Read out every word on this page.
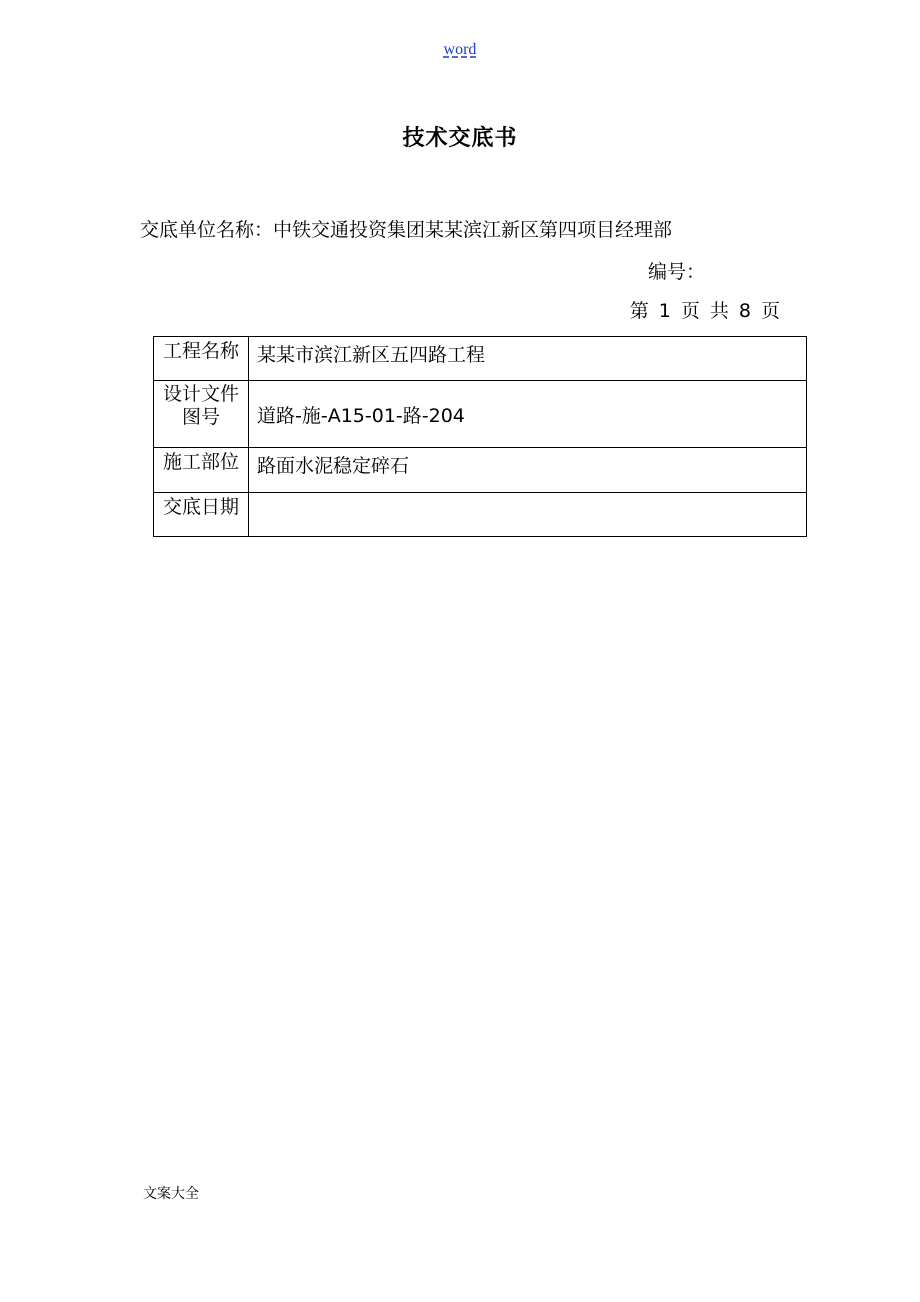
word
技术交底书
交底单位名称：中铁交通投资集团某某滨江新区第四项目经理部
编号：
第 1 页 共 8 页
工程名称	某某市滨江新区五四路工程

设计文件
图号	道路-施-A15-01-路-204
施工部位	路面水泥稳定碎石
交底日期	
文案大全
